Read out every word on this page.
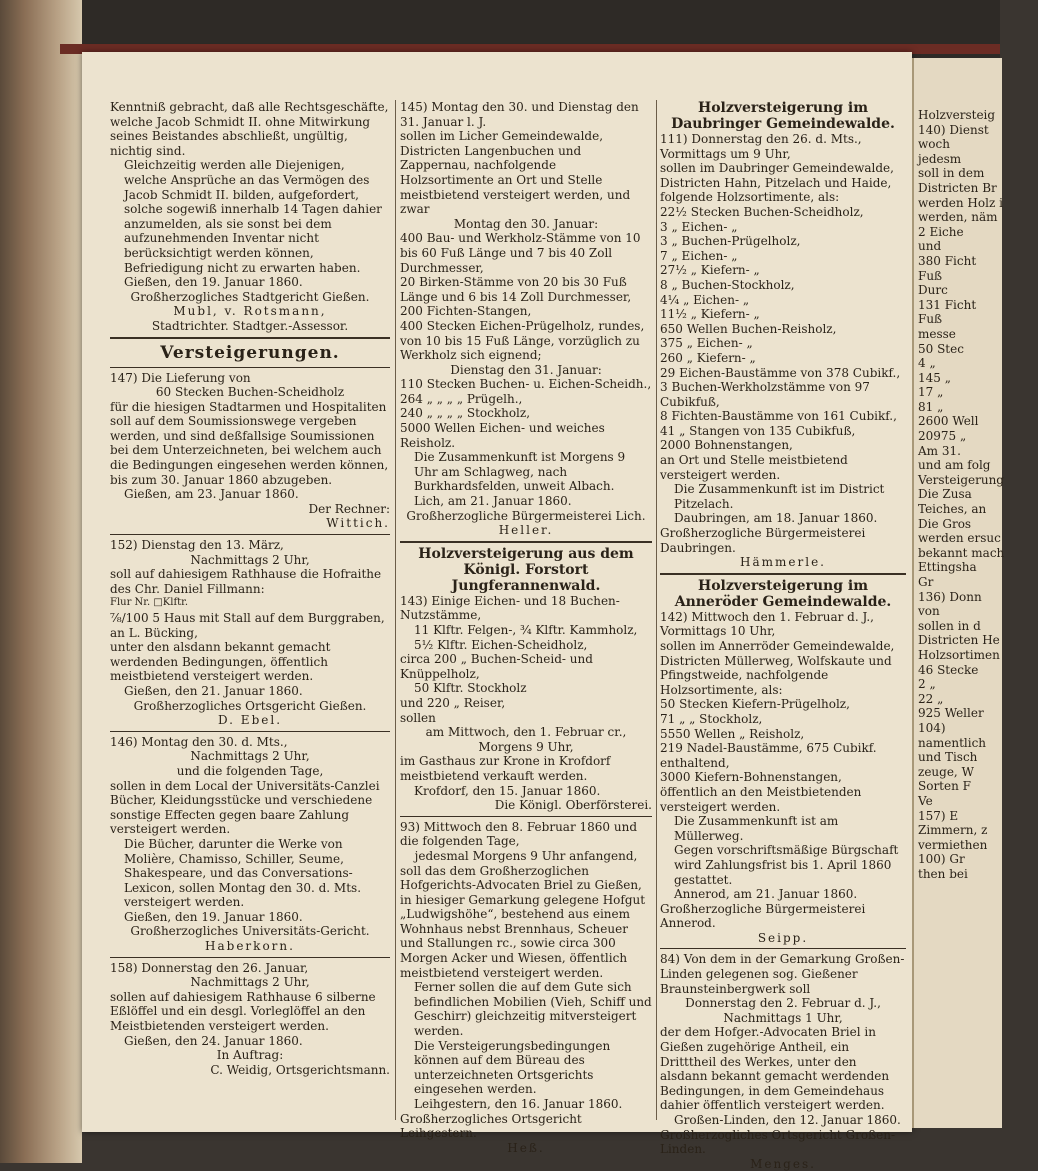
Kenntniß gebracht, daß alle Rechtsgeschäfte, welche Jacob Schmidt II. ohne Mitwirkung seines Beistandes abschließt, ungültig, nichtig sind.

Gleichzeitig werden alle Diejenigen, welche Ansprüche an das Vermögen des Jacob Schmidt II. bilden, aufgefordert, solche sogewiß innerhalb 14 Tagen dahier anzumelden, als sie sonst bei dem aufzunehmenden Inventar nicht berücksichtigt werden können, Befriedigung nicht zu erwarten haben.

Gießen, den 19. Januar 1860.

Großherzogliches Stadtgericht Gießen.

Mubl, v. Rotsmann,

Stadtrichter. Stadtger.-Assessor.

Versteigerungen.

147) Die Lieferung von

60 Stecken Buchen-Scheidholz

für die hiesigen Stadtarmen und Hospitaliten soll auf dem Soumissionswege vergeben werden, und sind deßfallsige Soumissionen bei dem Unterzeichneten, bei welchem auch die Bedingungen eingesehen werden können, bis zum 30. Januar 1860 abzugeben.

Gießen, am 23. Januar 1860.

Der Rechner:

Wittich.

152) Dienstag den 13. März,

Nachmittags 2 Uhr,

soll auf dahiesigem Rathhause die Hofraithe des Chr. Daniel Fillmann:

Flur Nr. □Klftr.

⅞/100 5 Haus mit Stall auf dem Burggraben, an L. Bücking,

unter den alsdann bekannt gemacht werdenden Bedingungen, öffentlich meistbietend versteigert werden.

Gießen, den 21. Januar 1860.

Großherzogliches Ortsgericht Gießen.

D. Ebel.

146) Montag den 30. d. Mts.,

Nachmittags 2 Uhr,

und die folgenden Tage,

sollen in dem Local der Universitäts-Canzlei Bücher, Kleidungsstücke und verschiedene sonstige Effecten gegen baare Zahlung versteigert werden.

Die Bücher, darunter die Werke von Molière, Chamisso, Schiller, Seume, Shakespeare, und das Conversations-Lexicon, sollen Montag den 30. d. Mts. versteigert werden.

Gießen, den 19. Januar 1860.

Großherzogliches Universitäts-Gericht.

Haberkorn.

158) Donnerstag den 26. Januar,

Nachmittags 2 Uhr,

sollen auf dahiesigem Rathhause 6 silberne Eßlöffel und ein desgl. Vorleglöffel an den Meistbietenden versteigert werden.

Gießen, den 24. Januar 1860.

In Auftrag:

C. Weidig, Ortsgerichtsmann.

145) Montag den 30. und Dienstag den 31. Januar l. J.

sollen im Licher Gemeindewalde, Districten Langenbuchen und Zappernau, nachfolgende Holzsortimente an Ort und Stelle meistbietend versteigert werden, und zwar

Montag den 30. Januar:

400 Bau- und Werkholz-Stämme von 10 bis 60 Fuß Länge und 7 bis 40 Zoll Durchmesser,

20 Birken-Stämme von 20 bis 30 Fuß Länge und 6 bis 14 Zoll Durchmesser,

200 Fichten-Stangen,

400 Stecken Eichen-Prügelholz, rundes, von 10 bis 15 Fuß Länge, vorzüglich zu Werkholz sich eignend;

Dienstag den 31. Januar:

110 Stecken Buchen- u. Eichen-Scheidh.,

264 „ „ „ „ Prügelh.,

240 „ „ „ „ Stockholz,

5000 Wellen Eichen- und weiches Reisholz.

Die Zusammenkunft ist Morgens 9 Uhr am Schlagweg, nach Burkhardsfelden, unweit Albach.

Lich, am 21. Januar 1860.

Großherzogliche Bürgermeisterei Lich.

Heller.

Holzversteigerung aus dem Königl. Forstort Jungferannenwald.

143) Einige Eichen- und 18 Buchen-Nutzstämme,

11 Klftr. Felgen-, ¾ Klftr. Kammholz,

5½ Klftr. Eichen-Scheidholz,

circa 200 „ Buchen-Scheid- und Knüppelholz,

50 Klftr. Stockholz

und 220 „ Reiser,

sollen

am Mittwoch, den 1. Februar cr.,

Morgens 9 Uhr,

im Gasthaus zur Krone in Krofdorf meistbietend verkauft werden.

Krofdorf, den 15. Januar 1860.

Die Königl. Oberförsterei.

93) Mittwoch den 8. Februar 1860 und die folgenden Tage,

jedesmal Morgens 9 Uhr anfangend,

soll das dem Großherzoglichen Hofgerichts-Advocaten Briel zu Gießen, in hiesiger Gemarkung gelegene Hofgut „Ludwigshöhe“, bestehend aus einem Wohnhaus nebst Brennhaus, Scheuer und Stallungen rc., sowie circa 300 Morgen Acker und Wiesen, öffentlich meistbietend versteigert werden.

Ferner sollen die auf dem Gute sich befindlichen Mobilien (Vieh, Schiff und Geschirr) gleichzeitig mitversteigert werden.

Die Versteigerungsbedingungen können auf dem Büreau des unterzeichneten Ortsgerichts eingesehen werden.

Leihgestern, den 16. Januar 1860.

Großherzogliches Ortsgericht Leihgestern.

Heß.

Holzversteigerung im Daubringer Gemeindewalde.

111) Donnerstag den 26. d. Mts., Vormittags um 9 Uhr,

sollen im Daubringer Gemeindewalde, Districten Hahn, Pitzelach und Haide, folgende Holzsortimente, als:

22½ Stecken Buchen-Scheidholz,

3 „ Eichen- „

3 „ Buchen-Prügelholz,

7 „ Eichen- „

27½ „ Kiefern- „

8 „ Buchen-Stockholz,

4¼ „ Eichen- „

11½ „ Kiefern- „

650 Wellen Buchen-Reisholz,

375 „ Eichen- „

260 „ Kiefern- „

29 Eichen-Baustämme von 378 Cubikf.,

3 Buchen-Werkholzstämme von 97 Cubikfuß,

8 Fichten-Baustämme von 161 Cubikf.,

41 „ Stangen von 135 Cubikfuß,

2000 Bohnenstangen,

an Ort und Stelle meistbietend versteigert werden.

Die Zusammenkunft ist im District Pitzelach.

Daubringen, am 18. Januar 1860.

Großherzogliche Bürgermeisterei Daubringen.

Hämmerle.

Holzversteigerung im Anneröder Gemeindewalde.

142) Mittwoch den 1. Februar d. J., Vormittags 10 Uhr,

sollen im Annerröder Gemeindewalde, Districten Müllerweg, Wolfskaute und Pfingstweide, nachfolgende Holzsortimente, als:

50 Stecken Kiefern-Prügelholz,

71 „ „ Stockholz,

5550 Wellen „ Reisholz,

219 Nadel-Baustämme, 675 Cubikf. enthaltend,

3000 Kiefern-Bohnenstangen,

öffentlich an den Meistbietenden versteigert werden.

Die Zusammenkunft ist am Müllerweg.

Gegen vorschriftsmäßige Bürgschaft wird Zahlungsfrist bis 1. April 1860 gestattet.

Annerod, am 21. Januar 1860.

Großherzogliche Bürgermeisterei Annerod.

Seipp.

84) Von dem in der Gemarkung Großen-Linden gelegenen sog. Gießener Braunsteinbergwerk soll

Donnerstag den 2. Februar d. J., Nachmittags 1 Uhr,

der dem Hofger.-Advocaten Briel in Gießen zugehörige Antheil, ein Dritttheil des Werkes, unter den alsdann bekannt gemacht werdenden Bedingungen, in dem Gemeindehaus dahier öffentlich versteigert werden.

Großen-Linden, den 12. Januar 1860.

Großherzogliches Ortsgericht Großen-Linden.

Menges.

Holzversteig

140) Dienst

woch

jedesm

soll in dem

Districten Br

werden Holz i

werden, näm

2 Eiche

und

380 Ficht

Fuß

Durc

131 Ficht

Fuß

messe

50 Stec

4 „

145 „

17 „

81 „

2600 Well

20975 „

Am 31.

und am folg

Versteigerung

Die Zusa

Teiches, an

Die Gros

werden ersuc

bekannt mach

Ettingsha

Gr

136) Donn

von

sollen in d

Districten He

Holzsortimen

46 Stecke

2 „

22 „

925 Weller

104)

namentlich

und Tisch

zeuge, W

Sorten F

Ve

157) E

Zimmern, z

vermiethen

100) Gr

then bei
